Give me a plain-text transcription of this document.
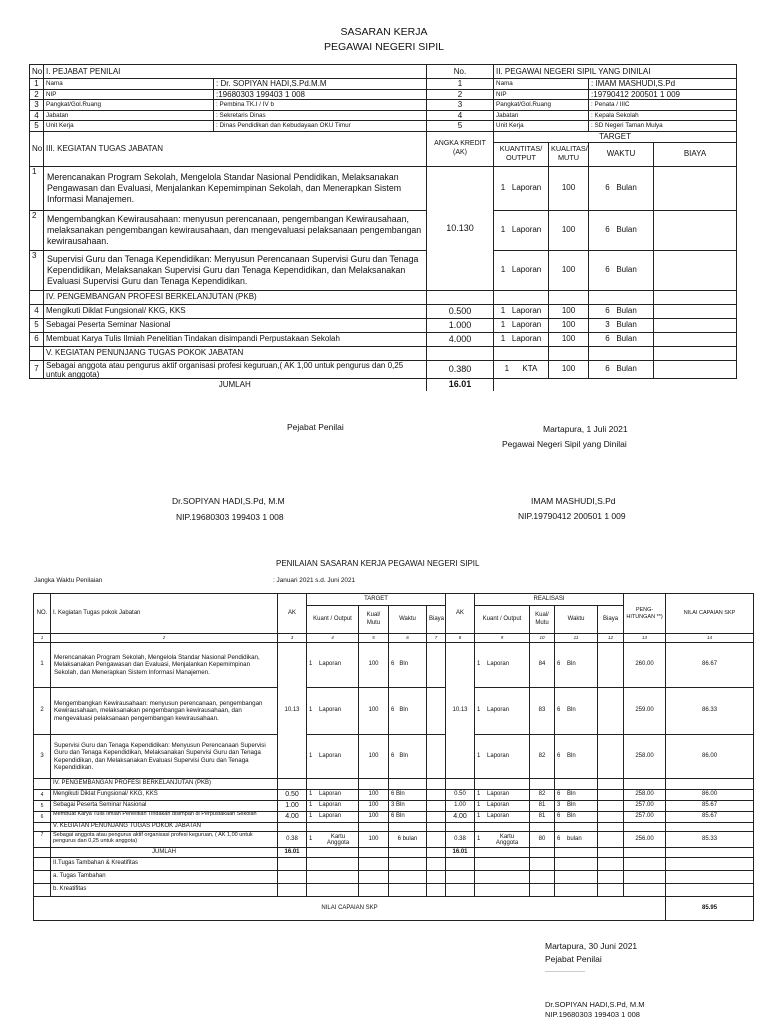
SASARAN KERJA
PEGAWAI NEGERI SIPIL
No.	I. PEJABAT PENILAI		No.	II. PEGAWAI NEGERI SIPIL YANG DINILAI			
1	Nama	: Dr. SOPIYAN HADI,S.Pd.M.M	1	Nama		: IMAM MASHUDI,S.Pd	
2	NIP	:19680303 199403 1 008	2	NIP		:19790412 200501 1 009	
3	Pangkat/Gol.Ruang	: Pembina TK.I / IV b	3	Pangkat/Gol.Ruang		: Penata / IIIC	
4	Jabatan	: Sekretaris Dinas	4	Jabatan		: Kepala Sekolah	
5	Unit Kerja	: Dinas Pendidikan dan Kebudayaan OKU Timur	5	Unit Kerja		: SD Negeri Taman Mulya	
No.	III. KEGIATAN TUGAS JABATAN		ANGKA KREDIT (AK)	TARGET			
				KUANTITAS/ OUTPUT	KUALITAS/ MUTU	WAKTU	BIAYA
1	Merencanakan Program Sekolah, Mengelola Standar Nasional Pendidikan, Melaksanakan Pengawasan dan Evaluasi, Menjalankan Kepemimpinan Sekolah, dan Menerapkan Sistem Informasi Manajemen.		10.130	1 Laporan	100	6 Bulan	
2	Mengembangkan Kewirausahaan: menyusun perencanaan, pengembangan Kewirausahaan, melaksanakan pengembangan kewirausahaan, dan mengevaluasi pelaksanaan pengembangan kewirausahaan.			1 Laporan	100	6 Bulan	
3	Supervisi Guru dan Tenaga Kependidikan: Menyusun Perencanaan Supervisi Guru dan Tenaga Kependidikan, Melaksanakan Supervisi Guru dan Tenaga Kependidikan, dan Melaksanakan Evaluasi Supervisi Guru dan Tenaga Kependidikan.			1 Laporan	100	6 Bulan	
	IV. PENGEMBANGAN PROFESI BERKELANJUTAN (PKB)						
4	Mengikuti Diklat Fungsional/ KKG, KKS		0.500	1 Laporan	100	6 Bulan	
5	Sebagai Peserta Seminar Nasional		1.000	1 Laporan	100	3 Bulan	
6	Membuat Karya Tulis Ilmiah Penelitian Tindakan disimpandi Perpustakaan Sekolah		4.000	1 Laporan	100	6 Bulan	
	V. KEGIATAN PENUNJANG TUGAS POKOK JABATAN						
7	Sebagai anggota atau pengurus aktif organisasi profesi keguruan,( AK 1,00 untuk pengurus dan 0,25 untuk anggota)		0.380	1 KTA	100	6 Bulan	
	JUMLAH		16.01				
Pejabat Penilai	Martapura, 1 Juli 2021
Pegawai Negeri Sipil yang Dinilai
Dr.SOPIYAN HADI,S.Pd, M.M
NIP.19680303 199403 1 008
IMAM MASHUDI,S.Pd
NIP.19790412 200501 1 009
PENILAIAN SASARAN KERJA PEGAWAI NEGERI SIPIL
Jangka Waktu Penilaian	: Januari 2021 s.d. Juni 2021
NO.	I. Kegiatan Tugas pokok Jabatan	AK	TARGET				AK	REALISASI				PENG- HITUNGAN **)	NILAI CAPAIAN SKP
			Kuant / Output	Kual/ Mutu	Waktu	Biaya		Kuant / Output	Kual/ Mutu	Waktu	Biaya		
1	2	3	4	5	6	7	8	9	10	11	12	13	14
1	Merencanakan Program Sekolah, Mengelola Standar Nasional Pendidikan, Melaksanakan Pengawasan dan Evaluasi, Menjalankan Kepemimpinan Sekolah, dan Menerapkan Sistem Informasi Manajemen.	10.13	1 Laporan	100	6 Bln		10.13	1 Laporan	84	6 Bln		260.00	86.67
2	Mengembangkan Kewirausahaan: menyusun perencanaan, pengembangan Kewirausahaan, melaksanakan pengembangan kewirausahaan, dan mengevaluasi pelaksanaan pengembangan kewirausahaan.		1 Laporan	100	6 Bln			1 Laporan	83	6 Bln		259.00	86.33
3	Supervisi Guru dan Tenaga Kependidikan: Menyusun Perencanaan Supervisi Guru dan Tenaga Kependidikan, Melaksanakan Supervisi Guru dan Tenaga Kependidikan, dan Melaksanakan Evaluasi Supervisi Guru dan Tenaga Kependidikan.		1 Laporan	100	6 Bln			1 Laporan	82	6 Bln		258.00	86.00
	IV. PENGEMBANGAN PROFESI BERKELANJUTAN (PKB)												
4	Mengikuti Diklat Fungsional/ KKG, KKS	0.50	1 Laporan	100	6 Bln		0.50	1 Laporan	82	6 Bln		258.00	86.00
5	Sebagai Peserta Seminar Nasional	1.00	1 Laporan	100	3 Bln		1.00	1 Laporan	81	3 Bln		257.00	85.67
6	Membuat Karya Tulis Ilmiah Penelitian Tindakan disimpan di Perpustakaan Sekolah	4.00	1 Laporan	100	6 Bln		4.00	1 Laporan	81	6 Bln		257.00	85.67
	V. KEGIATAN PENUNJANG TUGAS POKOK JABATAN												
7	Sebagai anggota atau pengurus aktif organisasi profesi keguruan, ( AK 1,00 untuk pengurus dan 0,25 untuk anggota)	0.38	1 Kartu Anggota	100	6 bulan		0.38	1 Kartu Anggota	80	6 bulan		256.00	85.33
	JUMLAH	16.01					16.01						
	II.Tugas Tambahan & Kreatifitas												
	a. Tugas Tambahan												
	b. Kreatifitas												
NILAI CAPAIAN SKP													85.95
Martapura, 30 Juni 2021
Pejabat Penilai
Dr.SOPIYAN HADI,S.Pd, M.M
NIP.19680303 199403 1 008
